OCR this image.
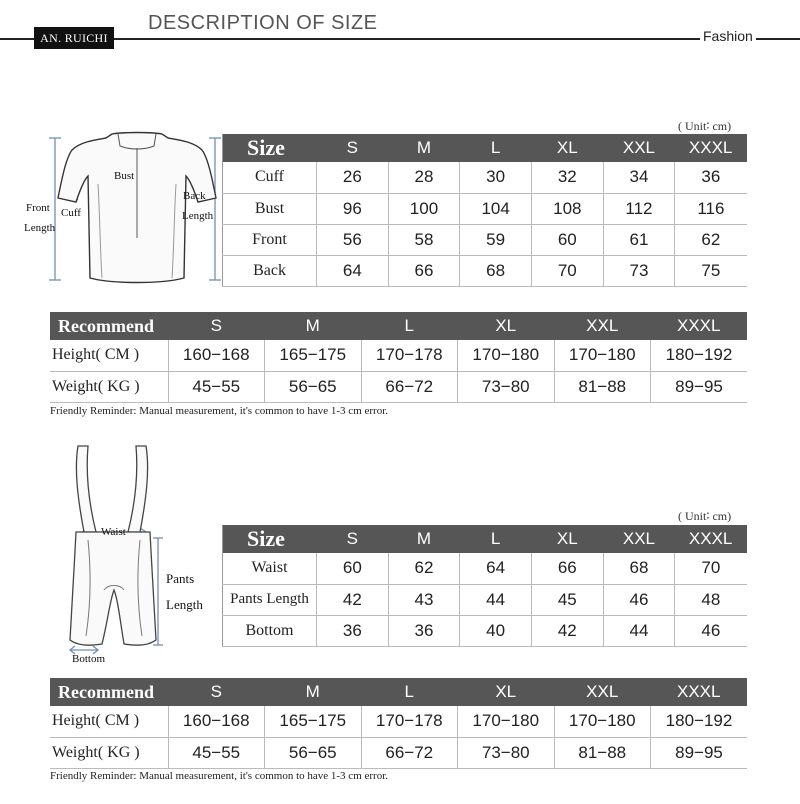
AN. RUICHI
DESCRIPTION OF SIZE
Fashion
Bust
Front
Length
Cuff
Back
Length
( Unit∶ cm)
Size	S	M	L	XL	XXL	XXXL
Cuff	26	28	30	32	34	36
Bust	96	100	104	108	112	116
Front	56	58	59	60	61	62
Back	64	66	68	70	73	75
Recommend	S	M	L	XL	XXL	XXXL
Height( CM )	160−168	165−175	170−178	170−180	170−180	180−192
Weight( KG )	45−55	56−65	66−72	73−80	81−88	89−95
Friendly Reminder: Manual measurement, it's common to have 1-3 cm error.
Waist
Pants
Length
Bottom
( Unit∶ cm)
Size	S	M	L	XL	XXL	XXXL
Waist	60	62	64	66	68	70
Pants Length	42	43	44	45	46	48
Bottom	36	36	40	42	44	46
Recommend	S	M	L	XL	XXL	XXXL
Height( CM )	160−168	165−175	170−178	170−180	170−180	180−192
Weight( KG )	45−55	56−65	66−72	73−80	81−88	89−95
Friendly Reminder: Manual measurement, it's common to have 1-3 cm error.
